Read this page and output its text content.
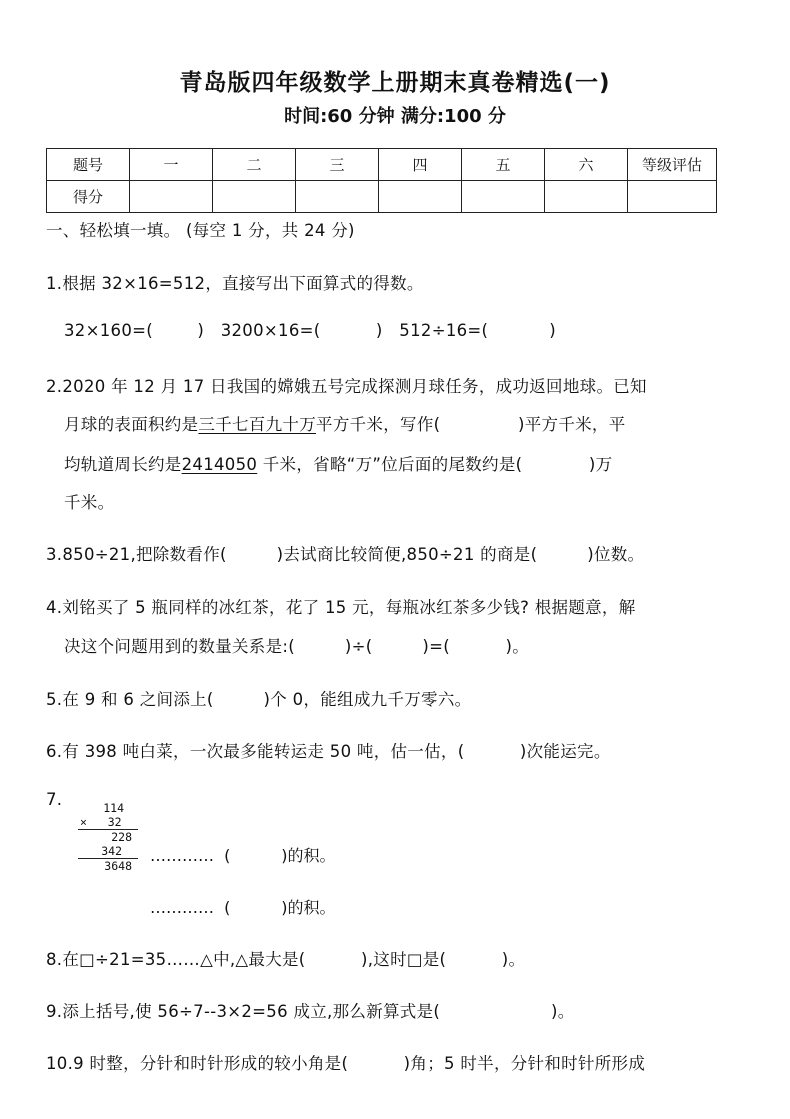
青岛版四年级数学上册期末真卷精选(一)
时间:60 分钟 满分:100 分
题号	一	二	三	四	五	六	等级评估
得分							
一、轻松填一填。 (每空 1 分，共 24 分)
1.根据 32×16=512，直接写出下面算式的得数。
32×160=(        )   3200×16=(          )   512÷16=(           )
2.2020 年 12 月 17 日我国的嫦娥五号完成探测月球任务，成功返回地球。已知
月球的表面积约是三千七百九十万平方千米，写作(              )平方千米，平
均轨道周长约是2414050 千米，省略“万”位后面的尾数约是(            )万
千米。
3.850÷21,把除数看作(         )去试商比较简便,850÷21 的商是(         )位数。
4.刘铭买了 5 瓶同样的冰红茶，花了 15 元，每瓶冰红茶多少钱? 根据题意，解
决这个问题用到的数量关系是:(         )÷(         )=(          )。
5.在 9 和 6 之间添上(         )个 0，能组成九千万零六。
6.有 398 吨白菜，一次最多能转运走 50 吨，估一估，(          )次能运完。
7.	114
×   32
228
342
3648
…………  (          )的积。
…………  (          )的积。
8.在□÷21=35……△中,△最大是(          ),这时□是(          )。
9.添上括号,使 56÷7--3×2=56 成立,那么新算式是(                    )。
10.9 时整，分针和时针形成的较小角是(          )角；5 时半，分针和时针所形成
